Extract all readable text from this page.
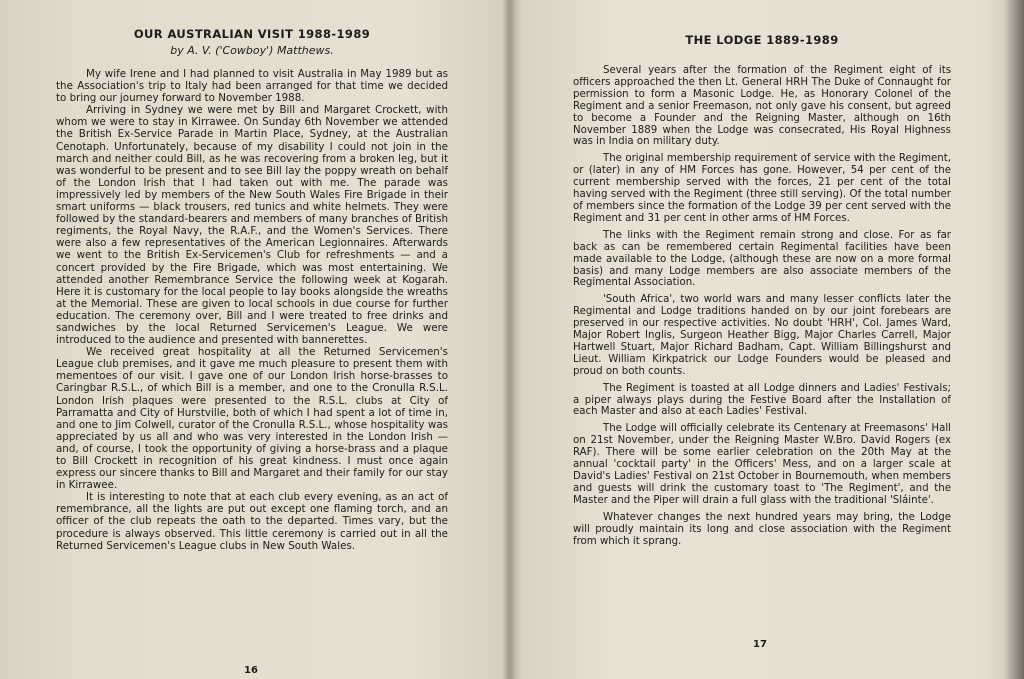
OUR AUSTRALIAN VISIT 1988-1989
by A. V. ('Cowboy') Matthews.

My wife Irene and I had planned to visit Australia in May 1989 but as the Association's trip to Italy had been arranged for that time we decided to bring our journey forward to November 1988.

Arriving in Sydney we were met by Bill and Margaret Crockett, with whom we were to stay in Kirrawee. On Sunday 6th November we attended the British Ex-Service Parade in Martin Place, Sydney, at the Australian Cenotaph. Unfortunately, because of my disability I could not join in the march and neither could Bill, as he was recovering from a broken leg, but it was wonderful to be present and to see Bill lay the poppy wreath on behalf of the London Irish that I had taken out with me. The parade was impressively led by members of the New South Wales Fire Brigade in their smart uniforms — black trousers, red tunics and white helmets. They were followed by the standard-bearers and members of many branches of British regiments, the Royal Navy, the R.A.F., and the Women's Services. There were also a few representatives of the American Legionnaires. Afterwards we went to the British Ex-Servicemen's Club for refreshments — and a concert provided by the Fire Brigade, which was most entertaining. We attended another Remembrance Service the following week at Kogarah. Here it is customary for the local people to lay books alongside the wreaths at the Memorial. These are given to local schools in due course for further education. The ceremony over, Bill and I were treated to free drinks and sandwiches by the local Returned Servicemen's League. We were introduced to the audience and presented with bannerettes.

We received great hospitality at all the Returned Servicemen's League club premises, and it gave me much pleasure to present them with mementoes of our visit. I gave one of our London Irish horse-brasses to Caringbar R.S.L., of which Bill is a member, and one to the Cronulla R.S.L. London Irish plaques were presented to the R.S.L. clubs at City of Parramatta and City of Hurstville, both of which I had spent a lot of time in, and one to Jim Colwell, curator of the Cronulla R.S.L., whose hospitality was appreciated by us all and who was very interested in the London Irish — and, of course, I took the opportunity of giving a horse-brass and a plaque to Bill Crockett in recognition of his great kindness. I must once again express our sincere thanks to Bill and Margaret and their family for our stay in Kirrawee.

It is interesting to note that at each club every evening, as an act of remembrance, all the lights are put out except one flaming torch, and an officer of the club repeats the oath to the departed. Times vary, but the procedure is always observed. This little ceremony is carried out in all the Returned Servicemen's League clubs in New South Wales.

16
THE LODGE 1889-1989

Several years after the formation of the Regiment eight of its officers approached the then Lt. General HRH The Duke of Connaught for permission to form a Masonic Lodge. He, as Honorary Colonel of the Regiment and a senior Freemason, not only gave his consent, but agreed to become a Founder and the Reigning Master, although on 16th November 1889 when the Lodge was consecrated, His Royal Highness was in India on military duty.

The original membership requirement of service with the Regiment, or (later) in any of HM Forces has gone. However, 54 per cent of the current membership served with the forces, 21 per cent of the total having served with the Regiment (three still serving). Of the total number of members since the formation of the Lodge 39 per cent served with the Regiment and 31 per cent in other arms of HM Forces.

The links with the Regiment remain strong and close. For as far back as can be remembered certain Regimental facilities have been made available to the Lodge, (although these are now on a more formal basis) and many Lodge members are also associate members of the Regimental Association.

'South Africa', two world wars and many lesser conflicts later the Regimental and Lodge traditions handed on by our joint forebears are preserved in our respective activities. No doubt 'HRH', Col. James Ward, Major Robert Inglis, Surgeon Heather Bigg, Major Charles Carrell, Major Hartwell Stuart, Major Richard Badham, Capt. William Billingshurst and Lieut. William Kirkpatrick our Lodge Founders would be pleased and proud on both counts.

The Regiment is toasted at all Lodge dinners and Ladies' Festivals; a piper always plays during the Festive Board after the Installation of each Master and also at each Ladies' Festival.

The Lodge will officially celebrate its Centenary at Freemasons' Hall on 21st November, under the Reigning Master W.Bro. David Rogers (ex RAF). There will be some earlier celebration on the 20th May at the annual 'cocktail party' in the Officers' Mess, and on a larger scale at David's Ladies' Festival on 21st October in Bournemouth, when members and guests will drink the customary toast to 'The Regiment', and the Master and the Piper will drain a full glass with the traditional 'Sláinte'.

Whatever changes the next hundred years may bring, the Lodge will proudly maintain its long and close association with the Regiment from which it sprang.

17
